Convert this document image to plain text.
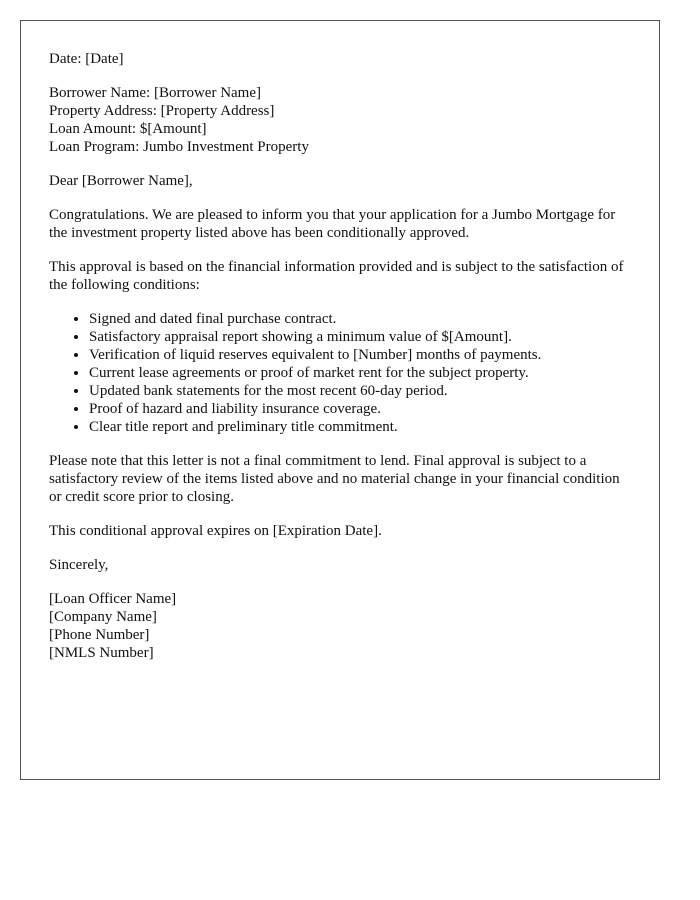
Date: [Date]

Borrower Name: [Borrower Name]
Property Address: [Property Address]
Loan Amount: $[Amount]
Loan Program: Jumbo Investment Property

Dear [Borrower Name],

Congratulations. We are pleased to inform you that your application for a Jumbo Mortgage for the investment property listed above has been conditionally approved.

This approval is based on the financial information provided and is subject to the satisfaction of the following conditions:

• Signed and dated final purchase contract.
• Satisfactory appraisal report showing a minimum value of $[Amount].
• Verification of liquid reserves equivalent to [Number] months of payments.
• Current lease agreements or proof of market rent for the subject property.
• Updated bank statements for the most recent 60-day period.
• Proof of hazard and liability insurance coverage.
• Clear title report and preliminary title commitment.

Please note that this letter is not a final commitment to lend. Final approval is subject to a satisfactory review of the items listed above and no material change in your financial condition or credit score prior to closing.

This conditional approval expires on [Expiration Date].

Sincerely,

[Loan Officer Name]
[Company Name]
[Phone Number]
[NMLS Number]
